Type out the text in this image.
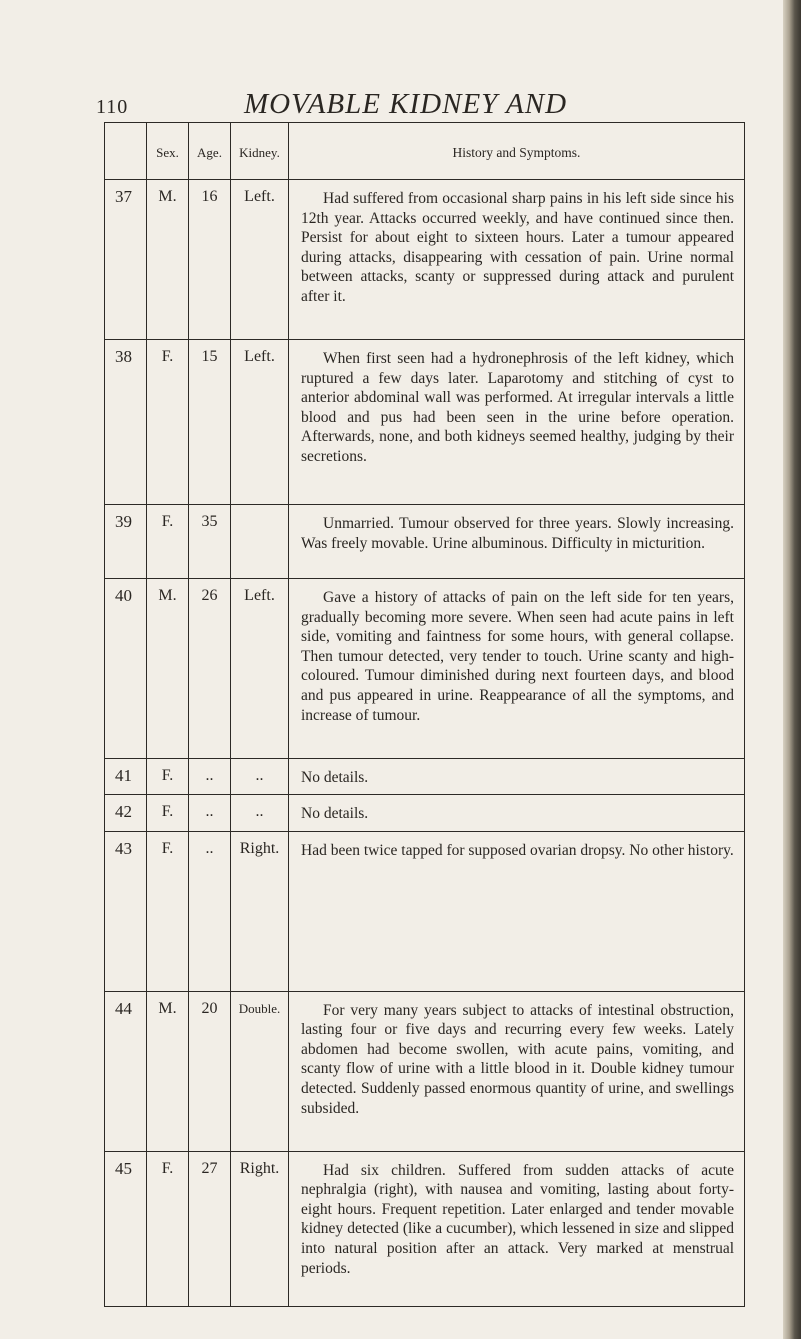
110	MOVABLE KIDNEY AND
	Sex.	Age.	Kidney.	History and Symptoms.
37	M.	16	Left.	Had suffered from occasional sharp pains in his left side since his 12th year. Attacks occurred weekly, and have continued since then. Persist for about eight to sixteen hours. Later a tumour appeared during attacks, disappearing with cessation of pain. Urine normal between attacks, scanty or suppressed during attack and purulent after it.
38	F.	15	Left.	When first seen had a hydronephrosis of the left kidney, which ruptured a few days later. Laparotomy and stitching of cyst to anterior abdominal wall was performed. At irregular intervals a little blood and pus had been seen in the urine before operation. Afterwards, none, and both kidneys seemed healthy, judging by their secretions.
39	F.	35		Unmarried. Tumour observed for three years. Slowly increasing. Was freely movable. Urine albuminous. Difficulty in micturition.
40	M.	26	Left.	Gave a history of attacks of pain on the left side for ten years, gradually becoming more severe. When seen had acute pains in left side, vomiting and faintness for some hours, with general collapse. Then tumour detected, very tender to touch. Urine scanty and high-coloured. Tumour diminished during next fourteen days, and blood and pus appeared in urine. Reappearance of all the symptoms, and increase of tumour.
41	F.	..	..	No details.
42	F.	..	..	No details.
43	F.	..	Right.	Had been twice tapped for supposed ovarian dropsy. No other history.
44	M.	20	Double.	For very many years subject to attacks of intestinal obstruction, lasting four or five days and recurring every few weeks. Lately abdomen had become swollen, with acute pains, vomiting, and scanty flow of urine with a little blood in it. Double kidney tumour detected. Suddenly passed enormous quantity of urine, and swellings subsided.
45	F.	27	Right.	Had six children. Suffered from sudden attacks of acute nephralgia (right), with nausea and vomiting, lasting about forty-eight hours. Frequent repetition. Later enlarged and tender movable kidney detected (like a cucumber), which lessened in size and slipped into natural position after an attack. Very marked at menstrual periods.
